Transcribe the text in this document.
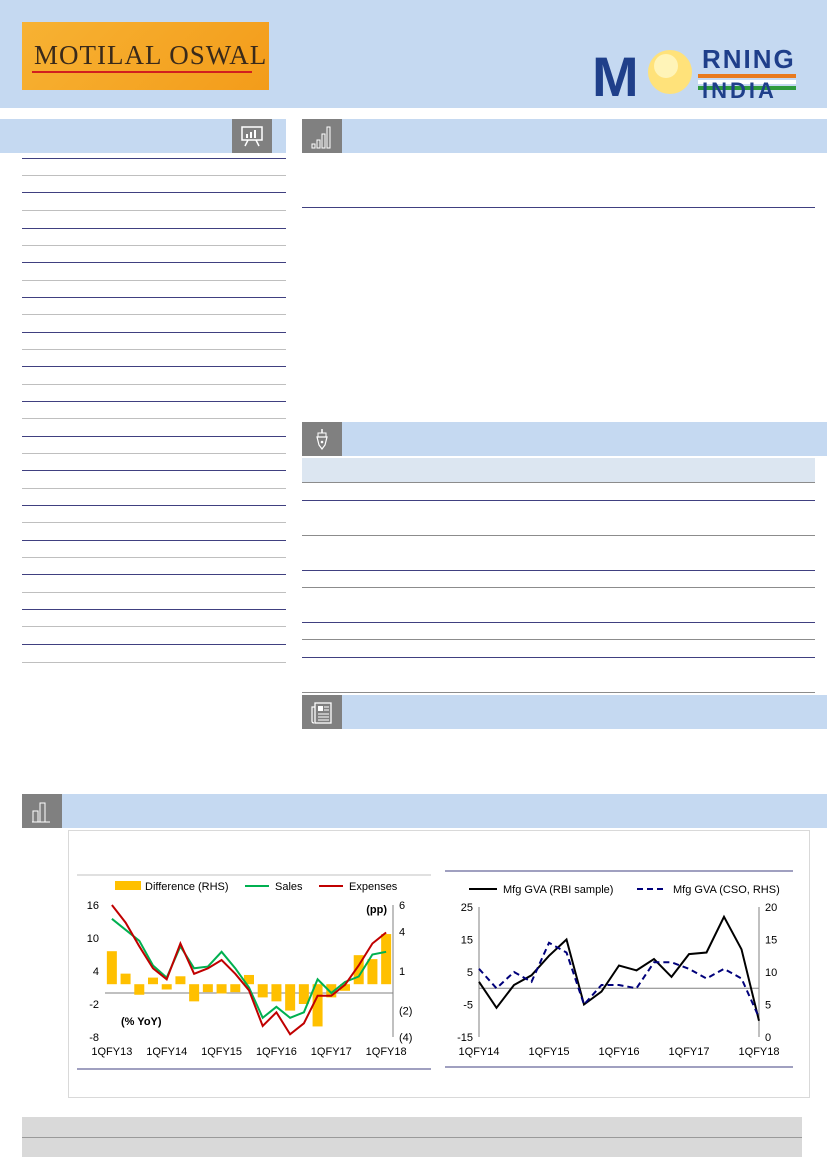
MOTILAL OSWAL	M RNING
INDIA
Difference (RHS)	Sales	Expenses
16
10
4
-2
-8
6
4
1
(2)
(4)
1QFY13 1QFY14 1QFY15 1QFY16 1QFY17 1QFY18
(pp)
(% YoY)
Mfg GVA (RBI sample)	Mfg GVA (CSO, RHS)
25
15
5
-5
-15
20
15
10
5
0
1QFY14	1QFY15	1QFY16	1QFY17	1QFY18
